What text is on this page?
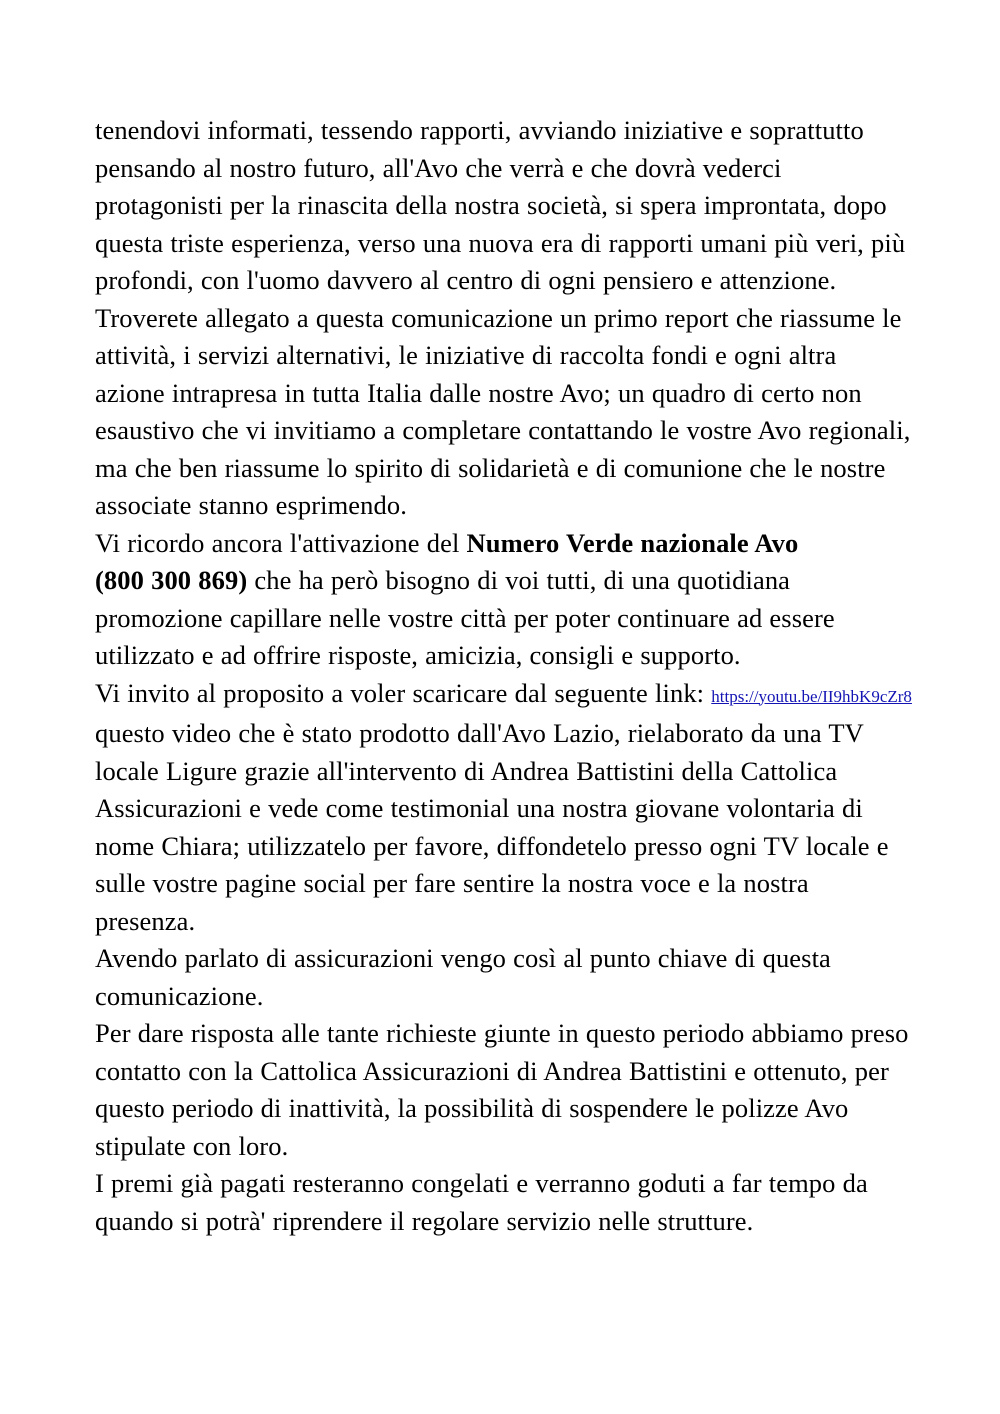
tenendovi informati, tessendo rapporti, avviando iniziative e soprattutto pensando al nostro futuro, all'Avo che verrà e che dovrà vederci protagonisti per la rinascita della nostra società, si spera improntata, dopo questa triste esperienza, verso una nuova era di rapporti umani più veri, più profondi, con l'uomo davvero al centro di ogni pensiero e attenzione.

Troverete allegato a questa comunicazione un primo report che riassume le attività, i servizi alternativi, le iniziative di raccolta fondi e ogni altra azione intrapresa in tutta Italia dalle nostre Avo; un quadro di certo non esaustivo che vi invitiamo a completare contattando le vostre Avo regionali, ma che ben riassume lo spirito di solidarietà e di comunione che le nostre associate stanno esprimendo.

Vi ricordo ancora l'attivazione del Numero Verde nazionale Avo (800 300 869) che ha però bisogno di voi tutti, di una quotidiana promozione capillare nelle vostre città per poter continuare ad essere utilizzato e ad offrire risposte, amicizia, consigli e supporto.

Vi invito al proposito a voler scaricare dal seguente link: https://youtu.be/II9hbK9cZr8 questo video che è stato prodotto dall'Avo Lazio, rielaborato da una TV locale Ligure grazie all'intervento di Andrea Battistini della Cattolica Assicurazioni e vede come testimonial una nostra giovane volontaria di nome Chiara; utilizzatelo per favore, diffondetelo presso ogni TV locale e sulle vostre pagine social per fare sentire la nostra voce e la nostra presenza.

Avendo parlato di assicurazioni vengo così al punto chiave di questa comunicazione.

Per dare risposta alle tante richieste giunte in questo periodo abbiamo preso contatto con la Cattolica Assicurazioni di Andrea Battistini e ottenuto, per questo periodo di inattività, la possibilità di sospendere le polizze Avo stipulate con loro.

I premi già pagati resteranno congelati e verranno goduti a far tempo da quando si potrà' riprendere il regolare servizio nelle strutture.
